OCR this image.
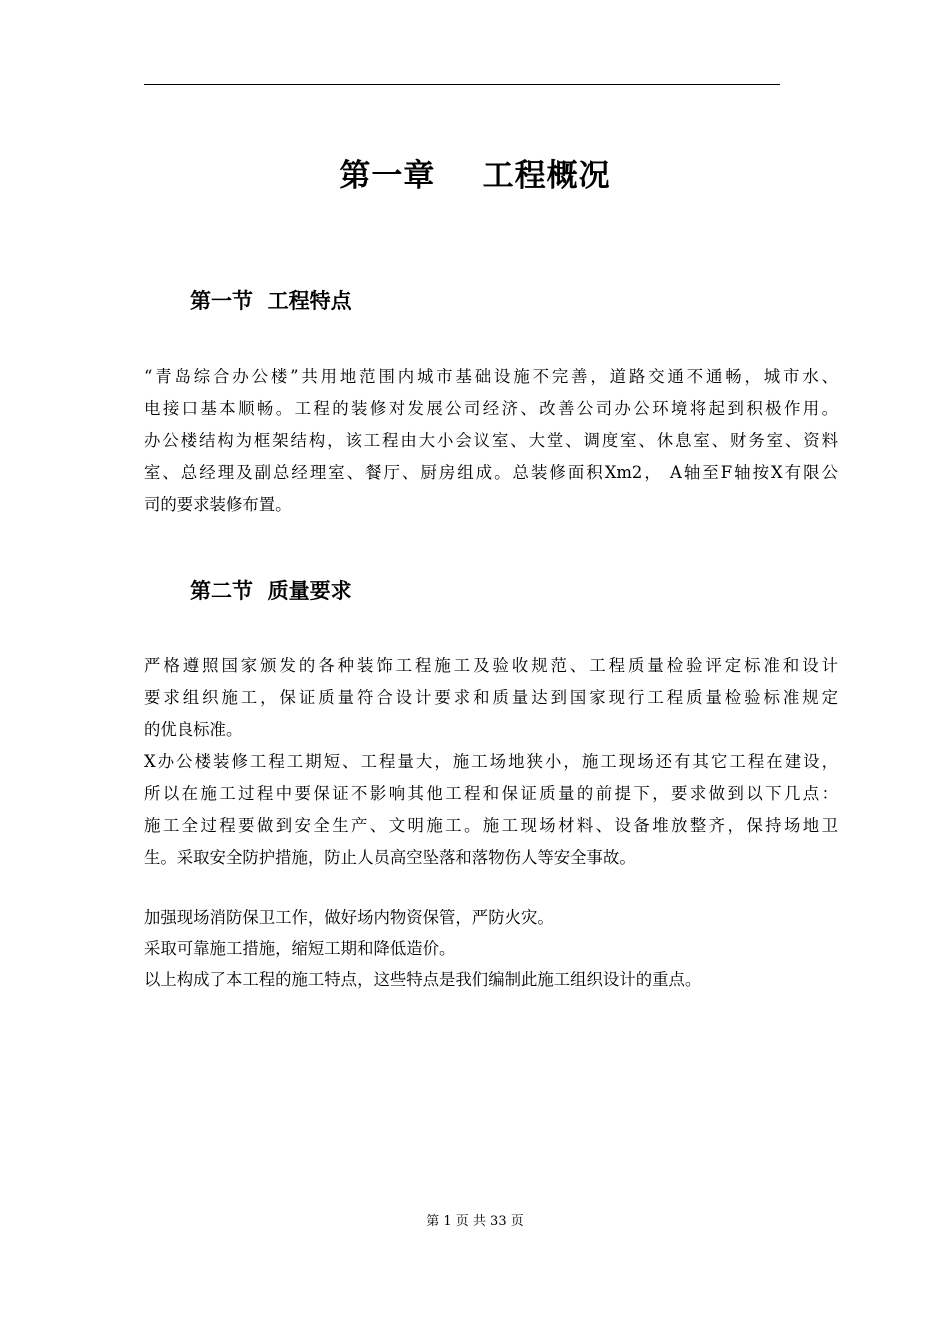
第一章    工程概况
第一节  工程特点
“青岛综合办公楼”共用地范围内城市基础设施不完善，道路交通不通畅，城市水、
电接口基本顺畅。工程的装修对发展公司经济、改善公司办公环境将起到积极作用。
办公楼结构为框架结构，该工程由大小会议室、大堂、调度室、休息室、财务室、资料
室、总经理及副总经理室、餐厅、厨房组成。总装修面积Xm2， A轴至F轴按X有限公
司的要求装修布置。
第二节  质量要求
严格遵照国家颁发的各种装饰工程施工及验收规范、工程质量检验评定标准和设计
要求组织施工，保证质量符合设计要求和质量达到国家现行工程质量检验标准规定
的优良标准。
X办公楼装修工程工期短、工程量大，施工场地狭小，施工现场还有其它工程在建设，
所以在施工过程中要保证不影响其他工程和保证质量的前提下，要求做到以下几点：
施工全过程要做到安全生产、文明施工。施工现场材料、设备堆放整齐，保持场地卫
生。采取安全防护措施，防止人员高空坠落和落物伤人等安全事故。
加强现场消防保卫工作，做好场内物资保管，严防火灾。
采取可靠施工措施，缩短工期和降低造价。
以上构成了本工程的施工特点，这些特点是我们编制此施工组织设计的重点。
第 1 页 共 33 页
